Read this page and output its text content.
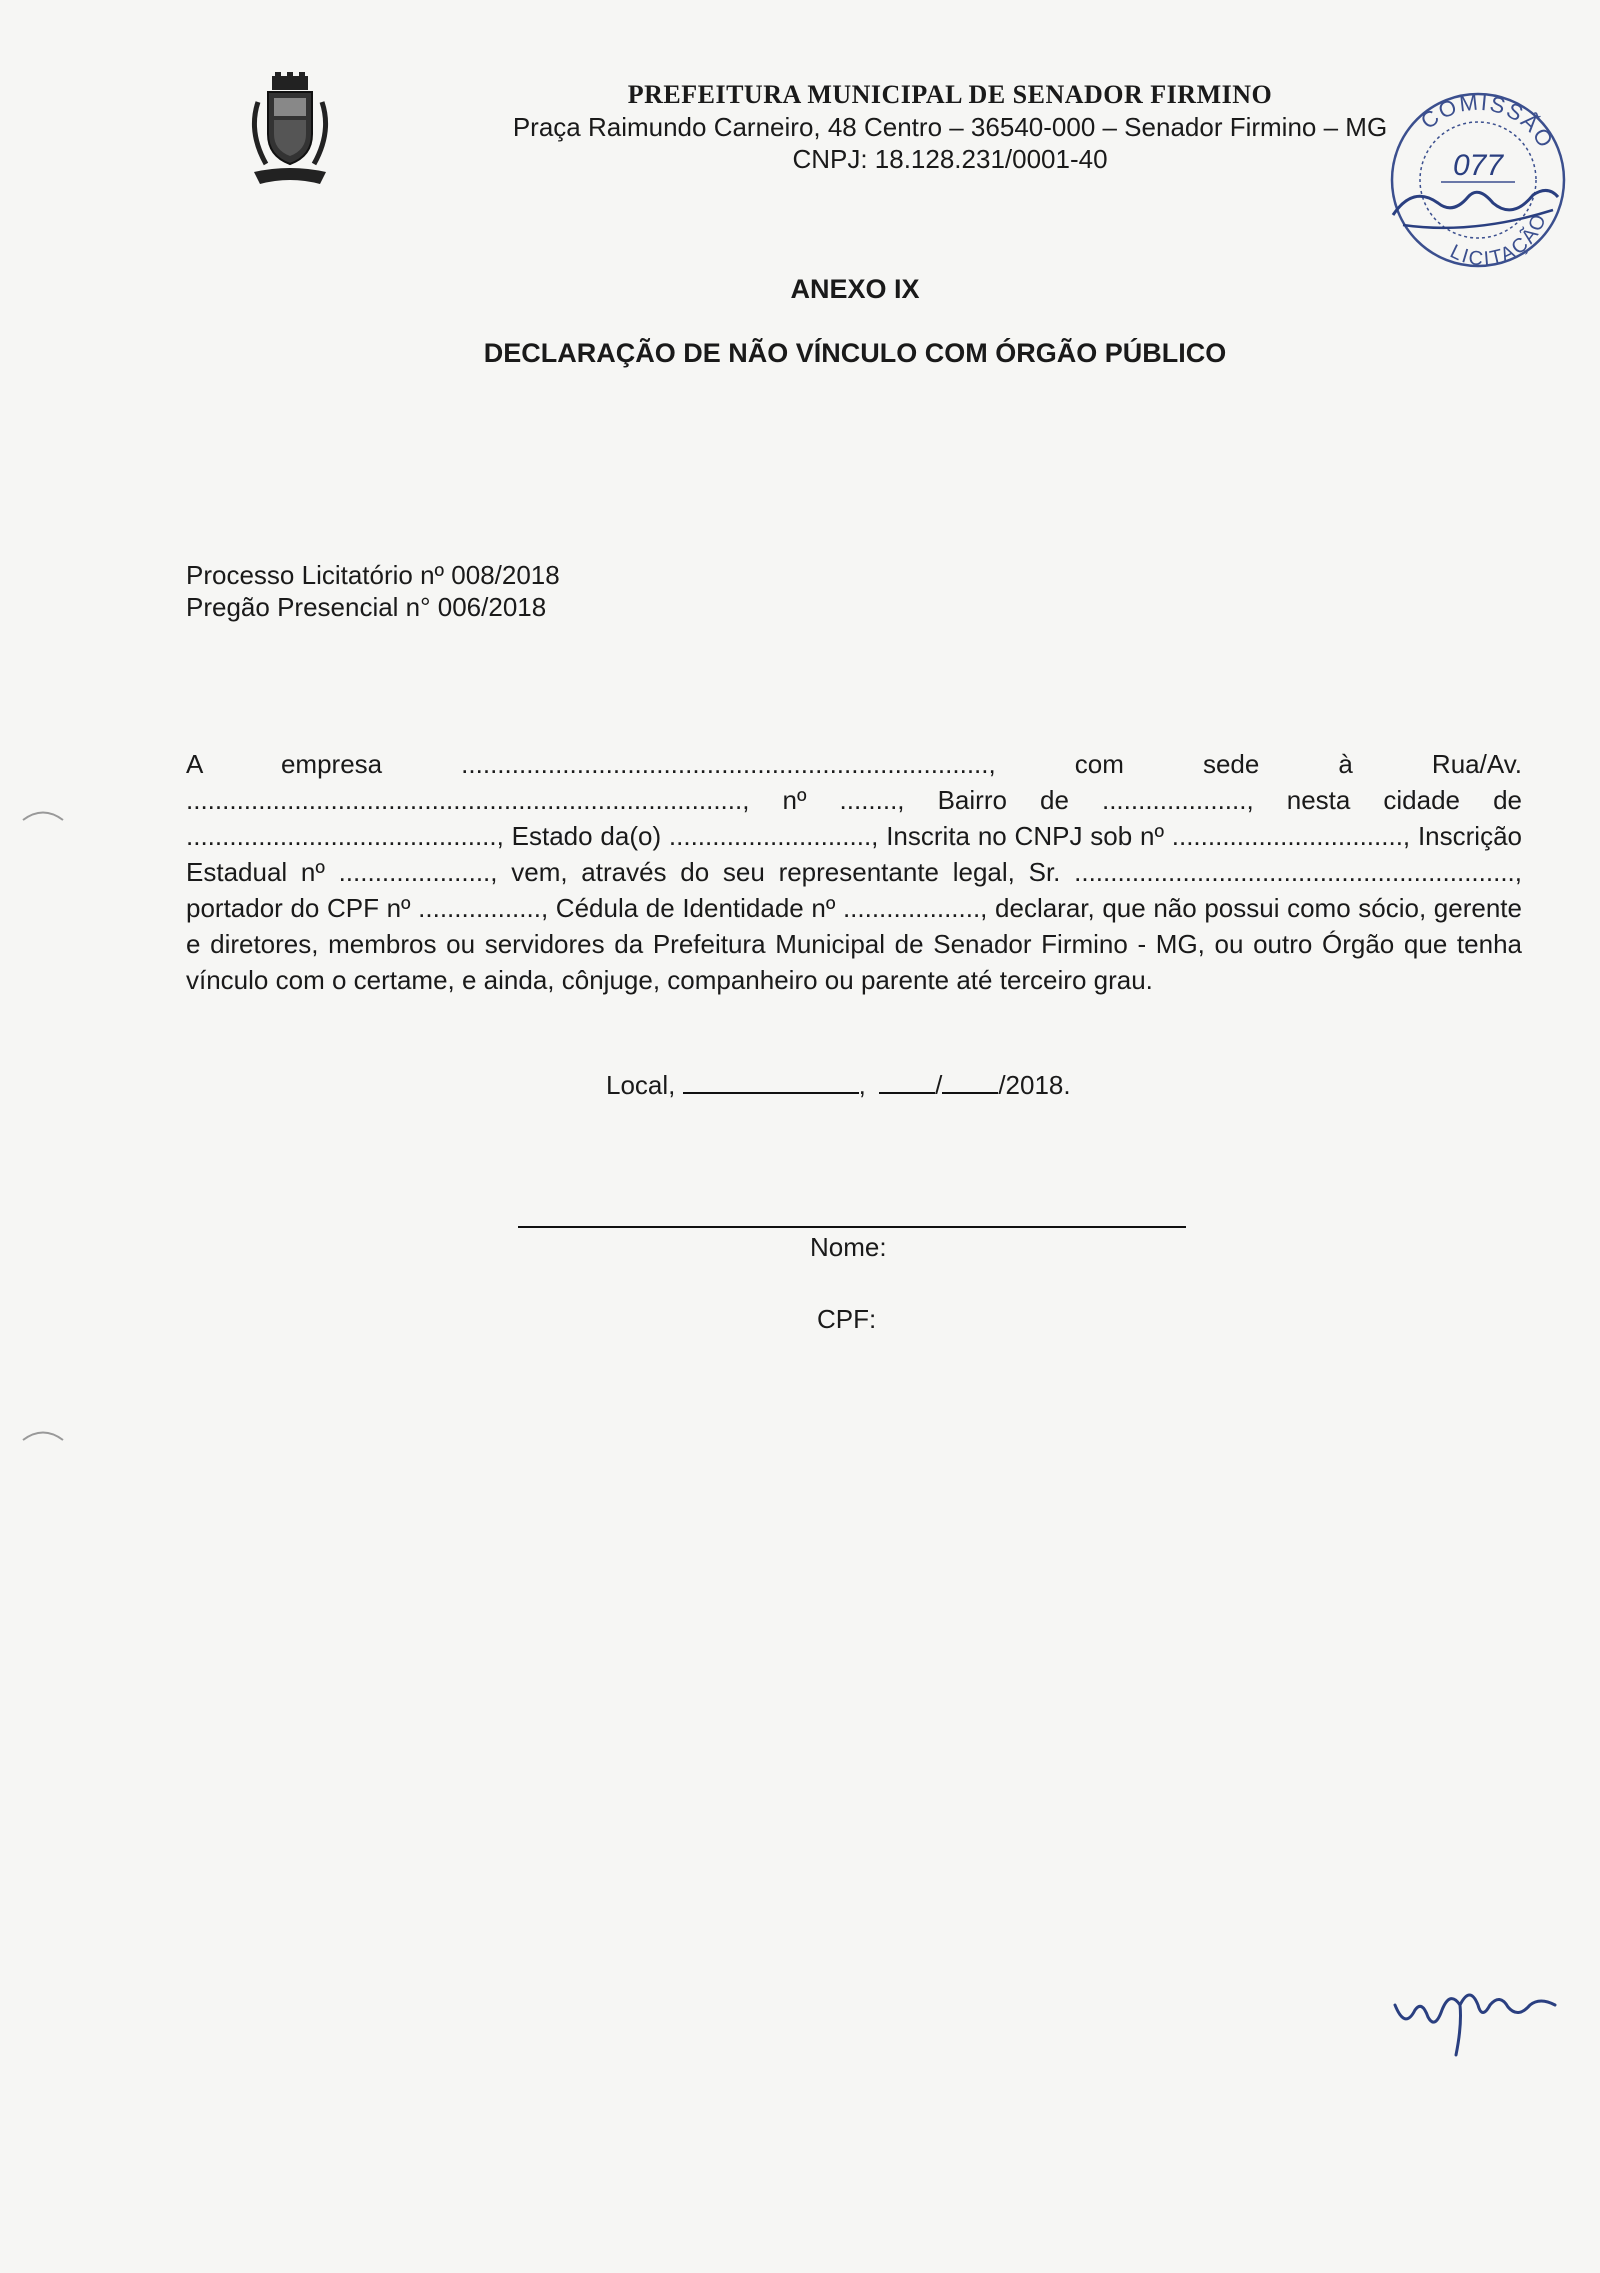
PREFEITURA MUNICIPAL DE SENADOR FIRMINO
Praça Raimundo Carneiro, 48 Centro – 36540-000 – Senador Firmino – MG
CNPJ: 18.128.231/0001-40
COMISSÃO
077
LICITAÇÃO
ANEXO IX
DECLARAÇÃO DE NÃO VÍNCULO COM ÓRGÃO PÚBLICO
Processo Licitatório nº 008/2018
Pregão Presencial n° 006/2018
A empresa ........................................................................., com sede à Rua/Av. ............................................................................., nº ........, Bairro de ...................., nesta cidade de ..........................................., Estado da(o) ............................, Inscrita no CNPJ sob nº ................................, Inscrição Estadual nº ....................., vem, através do seu representante legal, Sr. ............................................................., portador do CPF nº ................., Cédula de Identidade nº ..................., declarar, que não possui como sócio, gerente e diretores, membros ou servidores da Prefeitura Municipal de Senador Firmino - MG, ou outro Órgão que tenha vínculo com o certame, e ainda, cônjuge, companheiro ou parente até terceiro grau.
Local,	,	/ /2018.
Nome:
CPF:
